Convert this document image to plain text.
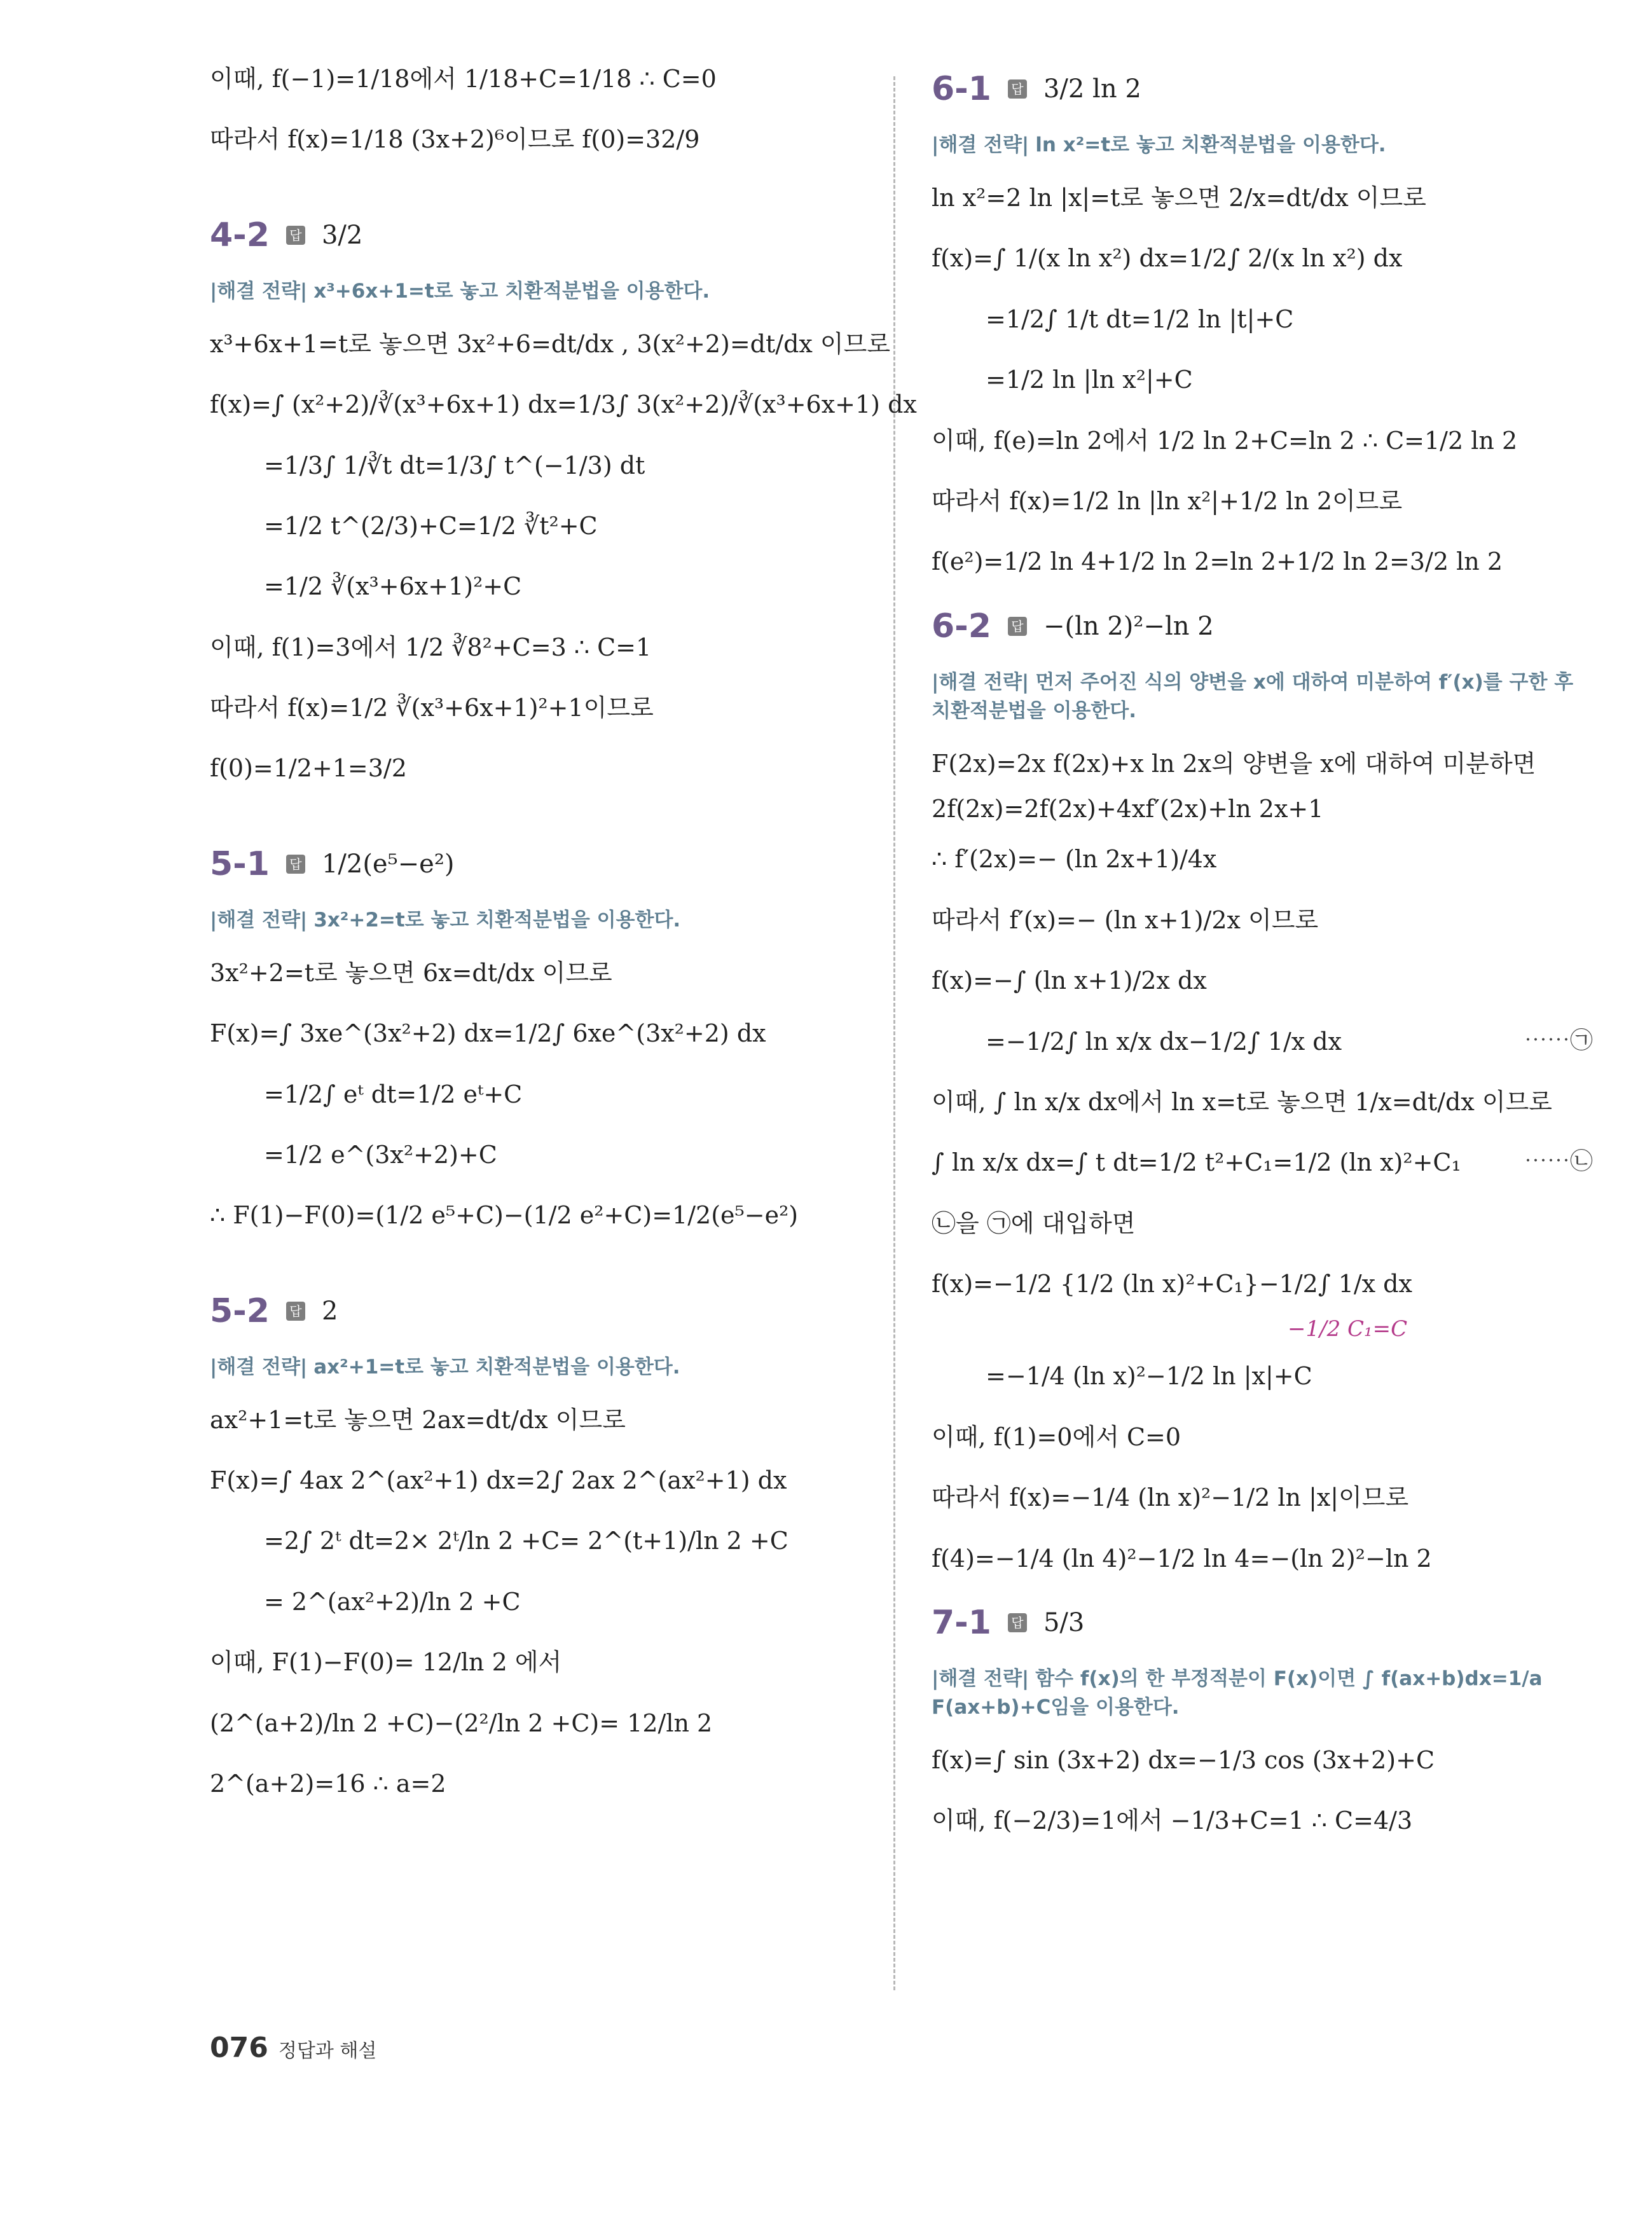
이때, f(−1)=1/18에서 1/18+C=1/18 ∴ C=0
따라서 f(x)=1/18 (3x+2)⁶이므로 f(0)=32/9
4-2 답 3/2
|해결 전략| x³+6x+1=t로 놓고 치환적분법을 이용한다.
x³+6x+1=t로 놓으면 3x²+6=dt/dx , 3(x²+2)=dt/dx 이므로
f(x)=∫ (x²+2)/∛(x³+6x+1) dx=1/3∫ 3(x²+2)/∛(x³+6x+1) dx
=1/3∫ 1/∛t dt=1/3∫ t^(−1/3) dt
=1/2 t^(2/3)+C=1/2 ∛t²+C
=1/2 ∛(x³+6x+1)²+C
이때, f(1)=3에서 1/2 ∛8²+C=3 ∴ C=1
따라서 f(x)=1/2 ∛(x³+6x+1)²+1이므로
f(0)=1/2+1=3/2
5-1 답 1/2(e⁵−e²)
|해결 전략| 3x²+2=t로 놓고 치환적분법을 이용한다.
3x²+2=t로 놓으면 6x=dt/dx 이므로
F(x)=∫ 3xe^(3x²+2) dx=1/2∫ 6xe^(3x²+2) dx
=1/2∫ eᵗ dt=1/2 eᵗ+C
=1/2 e^(3x²+2)+C
∴ F(1)−F(0)=(1/2 e⁵+C)−(1/2 e²+C)=1/2(e⁵−e²)
5-2 답 2
|해결 전략| ax²+1=t로 놓고 치환적분법을 이용한다.
ax²+1=t로 놓으면 2ax=dt/dx 이므로
F(x)=∫ 4ax 2^(ax²+1) dx=2∫ 2ax 2^(ax²+1) dx
=2∫ 2ᵗ dt=2× 2ᵗ/ln 2 +C= 2^(t+1)/ln 2 +C
= 2^(ax²+2)/ln 2 +C
이때, F(1)−F(0)= 12/ln 2 에서
(2^(a+2)/ln 2 +C)−(2²/ln 2 +C)= 12/ln 2
2^(a+2)=16 ∴ a=2
6-1 답 3/2 ln 2
|해결 전략| ln x²=t로 놓고 치환적분법을 이용한다.
ln x²=2 ln |x|=t로 놓으면 2/x=dt/dx 이므로
f(x)=∫ 1/(x ln x²) dx=1/2∫ 2/(x ln x²) dx
=1/2∫ 1/t dt=1/2 ln |t|+C
=1/2 ln |ln x²|+C
이때, f(e)=ln 2에서 1/2 ln 2+C=ln 2 ∴ C=1/2 ln 2
따라서 f(x)=1/2 ln |ln x²|+1/2 ln 2이므로
f(e²)=1/2 ln 4+1/2 ln 2=ln 2+1/2 ln 2=3/2 ln 2
6-2 답 −(ln 2)²−ln 2
|해결 전략| 먼저 주어진 식의 양변을 x에 대하여 미분하여 f′(x)를 구한 후 치환적분법을 이용한다.
F(2x)=2x f(2x)+x ln 2x의 양변을 x에 대하여 미분하면
2f(2x)=2f(2x)+4xf′(2x)+ln 2x+1
∴ f′(2x)=− (ln 2x+1)/4x
따라서 f′(x)=− (ln x+1)/2x 이므로
f(x)=−∫ (ln x+1)/2x dx
=−1/2∫ ln x/x dx−1/2∫ 1/x dx	⋯⋯㉠
이때, ∫ ln x/x dx에서 ln x=t로 놓으면 1/x=dt/dx 이므로
∫ ln x/x dx=∫ t dt=1/2 t²+C₁=1/2 (ln x)²+C₁	⋯⋯㉡
㉡을 ㉠에 대입하면
f(x)=−1/2 {1/2 (ln x)²+C₁}−1/2∫ 1/x dx
−1/2 C₁=C
=−1/4 (ln x)²−1/2 ln |x|+C
이때, f(1)=0에서 C=0
따라서 f(x)=−1/4 (ln x)²−1/2 ln |x|이므로
f(4)=−1/4 (ln 4)²−1/2 ln 4=−(ln 2)²−ln 2
7-1 답 5/3
|해결 전략| 함수 f(x)의 한 부정적분이 F(x)이면 ∫ f(ax+b)dx=1/a F(ax+b)+C임을 이용한다.
f(x)=∫ sin (3x+2) dx=−1/3 cos (3x+2)+C
이때, f(−2/3)=1에서 −1/3+C=1 ∴ C=4/3
076 정답과 해설
